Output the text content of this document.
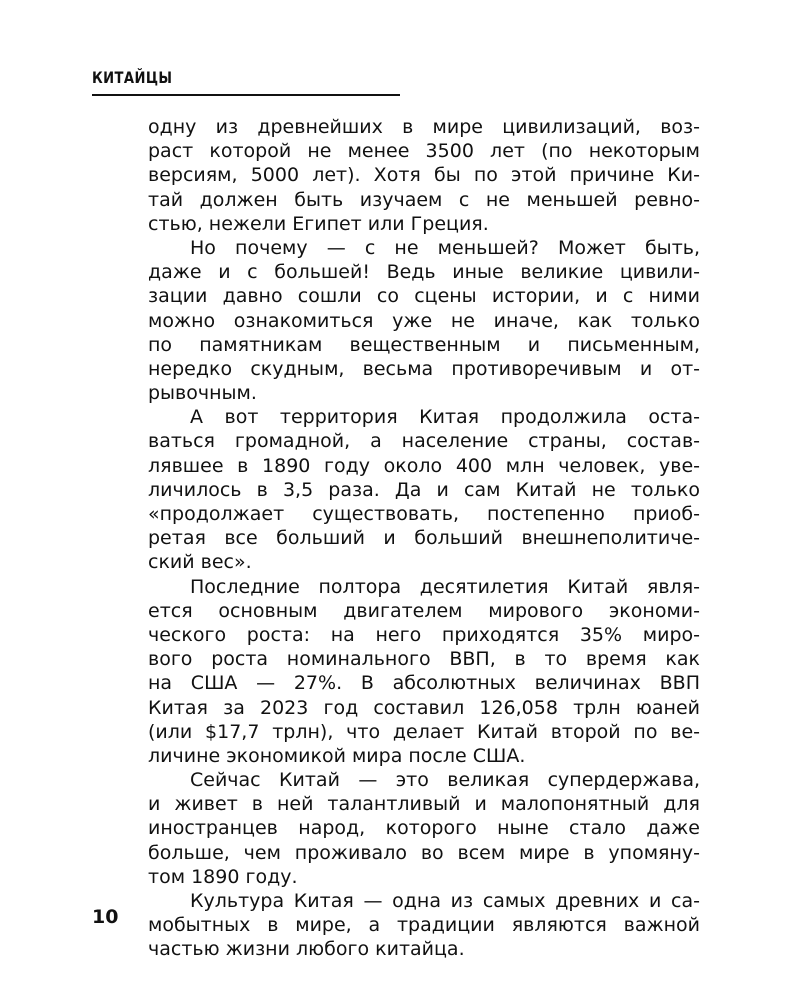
КИТАЙЦЫ
одну из древнейших в мире цивилизаций, воз-
раст которой не менее 3500 лет (по некоторым
версиям, 5000 лет). Хотя бы по этой причине Ки-
тай должен быть изучаем с не меньшей ревно-
стью, нежели Египет или Греция.
Но почему — с не меньшей? Может быть,
даже и с большей! Ведь иные великие цивили-
зации давно сошли со сцены истории, и с ними
можно ознакомиться уже не иначе, как только
по памятникам вещественным и письменным,
нередко скудным, весьма противоречивым и от-
рывочным.
А вот территория Китая продолжила оста-
ваться громадной, а население страны, состав-
лявшее в 1890 году около 400 млн человек, уве-
личилось в 3,5 раза. Да и сам Китай не только
«продолжает существовать, постепенно приоб-
ретая все больший и больший внешнеполитиче-
ский вес».
Последние полтора десятилетия Китай явля-
ется основным двигателем мирового экономи-
ческого роста: на него приходятся 35% миро-
вого роста номинального ВВП, в то время как
на США — 27%. В абсолютных величинах ВВП
Китая за 2023 год составил 126,058 трлн юаней
(или $17,7 трлн), что делает Китай второй по ве-
личине экономикой мира после США.
Сейчас Китай — это великая супердержава,
и живет в ней талантливый и малопонятный для
иностранцев народ, которого ныне стало даже
больше, чем проживало во всем мире в упомяну-
том 1890 году.
Культура Китая — одна из самых древних и са-
мобытных в мире, а традиции являются важной
частью жизни любого китайца.
10
